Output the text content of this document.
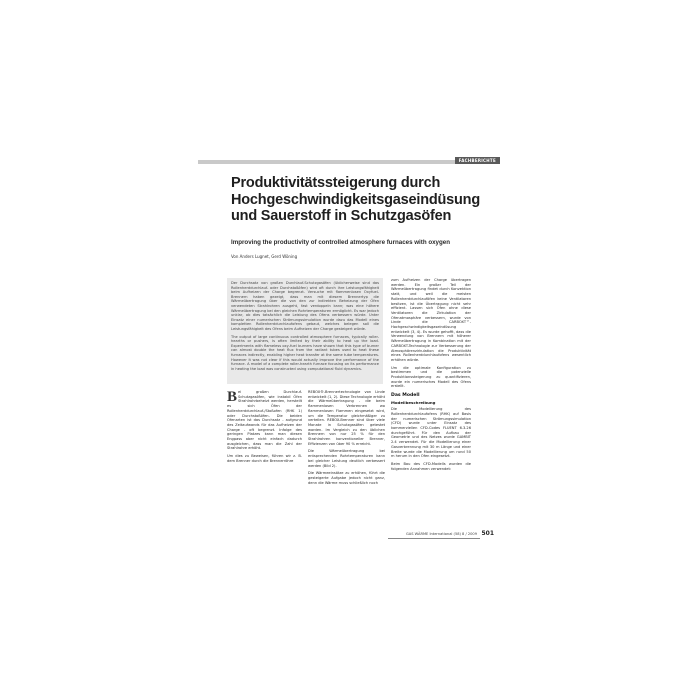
FACHBERICHTE
Produktivitätssteigerung durch Hochgeschwindigkeitsgaseindüsung und Sauerstoff in Schutzgasöfen
Improving the productivity of controlled atmosphere furnaces with oxygen
Von Anders Lugnet, Gerd Wöning

Der Durchsatz von großen Durchlauf-Schutzgasöfen (üblicherweise sind das Rollenherddurchlauf- oder Durchstoßöfen) wird oft durch ihre Leistungsfähigkeit beim Aufheizen der Charge begrenzt. Versuche mit flammenlosen Oxyfuel-Brennern haben gezeigt, dass man mit diesem Brennertyp die Wärmeübertragung über die von den zur indirekten Beheizung der Öfen verwendeten Strahlrohren ausgeht, fast verdoppeln kann; was eine höhere Wärmeübertragung bei den gleichen Rohrtemperaturen ermöglicht. Es war jedoch unklar, ob dies tatsächlich die Leistung des Ofens verbessern würde. Unter Einsatz einer numerischen Strömungssimulation wurde dazu das Modell eines kompletten Rollenherddurchlaufofens gebaut, welches belegen soll die Leistungsfähigkeit des Ofens beim Aufheizen der Charge gesteigert würde.

The output of large continuous controlled atmosphere furnaces, typically roller-hearths or pushers, is often limited by their ability to heat up the load. Experiments with flameless oxy-fuel burners have shown that this type of burner can almost double the heat flux from the radiant tubes used to heat these furnaces indirectly, enabling higher heat transfer at the same tube temperatures. However it was not clear if this would actually improve the performance of the furnace. A model of a complete roller-hearth furnace focusing on its performance in heating the load was constructed using computational fluid dynamics.

Bei großen Durchlauf-Schutzgasöfen, wie instabil Öfen Strahlrohrbeheizt werden, hersteilt es sich Öfen der Rollenherddurchlauf-/Stoßofen (RHK 1) oder Durchstoßöfen. Die beiden Ofenarten ist das Durchsatz - aufgrund des Zeitaufwands für das Aufheizen der Charge - oft begrenzt. Infolge des geringen Platzes kann man diesen Engpass aber nicht einfach dadurch ausgleichen, dass man die Zahl der Strahlrohre erhöht.

Um dies zu Beweisen, führen wir z. B. dem Brenner durch die Brennerröhre

REBOX®-Brennertechnologie von Linde entwickelt (1, 2). Diese Technologie erhöht die Wärmeübertragung - die beim flammenlosen Verbrennen wo flammenlosen Flammen eingesetzt wird, um die Temperatur gleichmäßiger zu verteilen. REBOX-Brenner sind über viele Monate in Schutzgasöfen getestet worden. Im Vergleich zu den üblichen Brennern von nur 25 % für den Strahlrohren konventioneller Brenner, Effizienzen von über 90 % erreicht.

Die Wärmeübertragung bei entsprechenden Rohrtemperaturen kann bei gleicher Leistung deutlich verbessert werden (Bild 2).

Die Wärmeeinsätze zu erhöhen, führt die gesteigerte Aufgabe jedoch nicht ganz, denn die Wärme muss schließlich noch

zum Aufheizen der Charge übertragen werden. Ein großer Teil der Wärmeübertragung findet durch Konvektion statt, und weil die meisten Rollenherddurchlauföfen keine Ventilatoren besitzen, ist die Übertragung nicht sehr effizient. Lassen sich Öfen ohne diese Ventilatoren die Zirkulation der Ofenatmosphäre verbessern, wurde von Linde die CARBOXT™-Hochgeschwindigkeitsgaseindüsung entwickelt (3, 4). Es wurde gehofft, dass die Verwendung von Brennern mit höherer Wärmeübertragung in Kombination mit der CARBOXT-Technologie zur Verbesserung der Atmosphärenzirkulation die Produktivität eines Rollenherddurchlaufofens wesentlich erhöhen würde.

Um die optimale Konfiguration zu bestimmen und die potenzielle Produktionssteigerung zu quantifizieren, wurde ein numerisches Modell des Ofens erstellt.

Das Modell
Modellbeschreibung

Die Modellierung des Rollenherddurchlaufofens (RHK) auf Basis der numerischen Strömungssimulation (CFD) wurde unter Einsatz des kommerziellen CFD-Codes FLUENT 6.3.26 durchgeführt. Für den Aufbau der Geometrie und des Netzes wurde GAMBIT 2.4 verwendet. Für die Modellierung einer Gasverbrennung mit 30 m Länge und einer Breite wurde die Modellierung um rund 50 m herum in den Ofen eingesetzt.

Beim Bau des CFD-Modells wurden die folgenden Annahmen verwendet:

GAS WÄRME International (58) 8 / 2009 501
